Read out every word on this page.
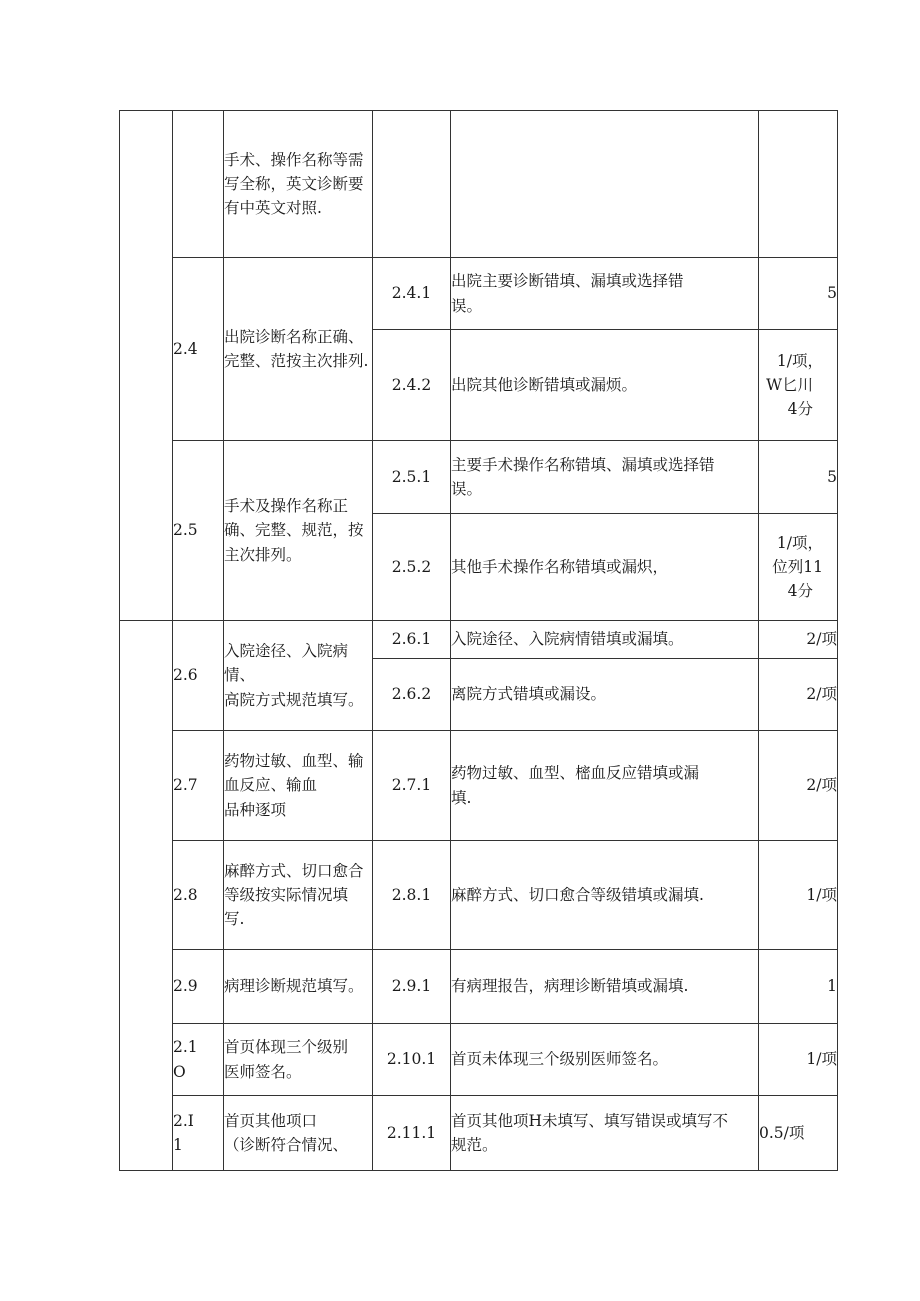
		手术、操作名称等需
写全称，英文诊断要
有中英文对照.			
	2.4	出院诊断名称正确、
完整、范按主次排列.	2.4.1	出院主要诊断错填、漏填或选择错
误。	5
			2.4.2	出院其他诊断错填或漏烦。	1/项，
W匕川
4分

	2.5	手术及操作名称正
确、完整、规范，按
主次排列。	2.5.1	主要手术操作名称错填、漏填或选择错
误。	5
			2.5.2	其他手术操作名称错填或漏炽，	1/项，
位列11
4分

	2.6	入院途径、入院病情、
高院方式规范填写。	2.6.1	入院途径、入院病情错填或漏填。	2/项
			2.6.2	离院方式错填或漏设。	2/项
	2.7	药物过敏、血型、输
血反应、输血
品种逐项	2.7.1	药物过敏、血型、樒血反应错填或漏
填.	2/项
	2.8	麻醉方式、切口愈合
等级按实际情况填
写.	2.8.1	麻醉方式、切口愈合等级错填或漏填.	1/项
	2.9	病理诊断规范填写。	2.9.1	有病理报告，病理诊断错填或漏填.	1
	2.1
O	首页体现三个级别
医师签名。	2.10.1	首页未体现三个级别医师签名。	1/项
	2.I
1	首页其他项口
（诊断符合情况、	2.11.1	首页其他项H未填写、填写错误或填写不
规范。	0.5/项
